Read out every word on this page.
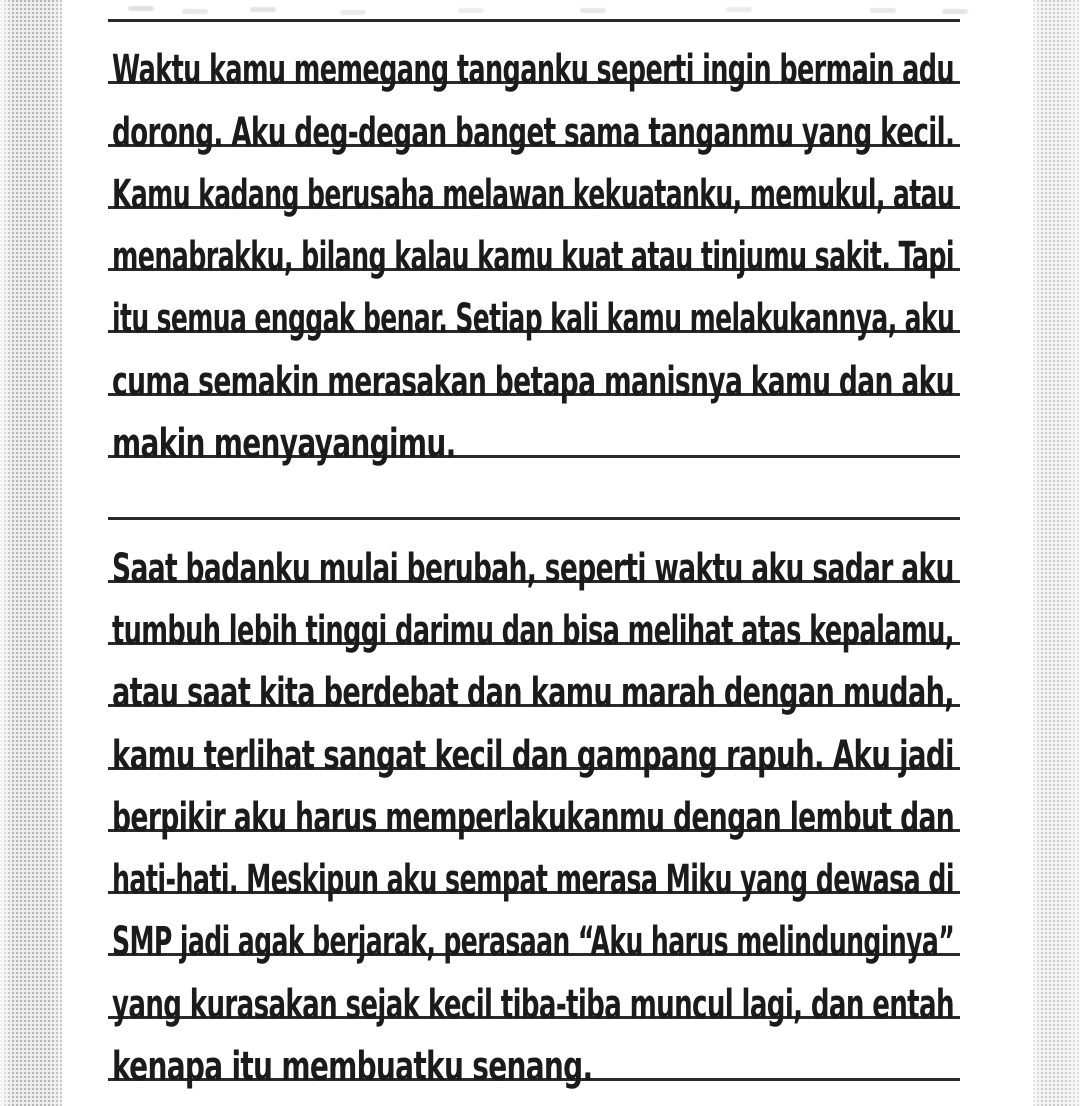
Waktu kamu memegang tanganku seperti ingin bermain adu
dorong. Aku deg-degan banget sama tanganmu yang kecil.
Kamu kadang berusaha melawan kekuatanku, memukul, atau
menabrakku, bilang kalau kamu kuat atau tinjumu sakit. Tapi
itu semua enggak benar. Setiap kali kamu melakukannya, aku
cuma semakin merasakan betapa manisnya kamu dan aku
makin menyayangimu.
Saat badanku mulai berubah, seperti waktu aku sadar aku
tumbuh lebih tinggi darimu dan bisa melihat atas kepalamu,
atau saat kita berdebat dan kamu marah dengan mudah,
kamu terlihat sangat kecil dan gampang rapuh. Aku jadi
berpikir aku harus memperlakukanmu dengan lembut dan
hati-hati. Meskipun aku sempat merasa Miku yang dewasa di
SMP jadi agak berjarak, perasaan “Aku harus melindunginya”
yang kurasakan sejak kecil tiba-tiba muncul lagi, dan entah
kenapa itu membuatku senang.
